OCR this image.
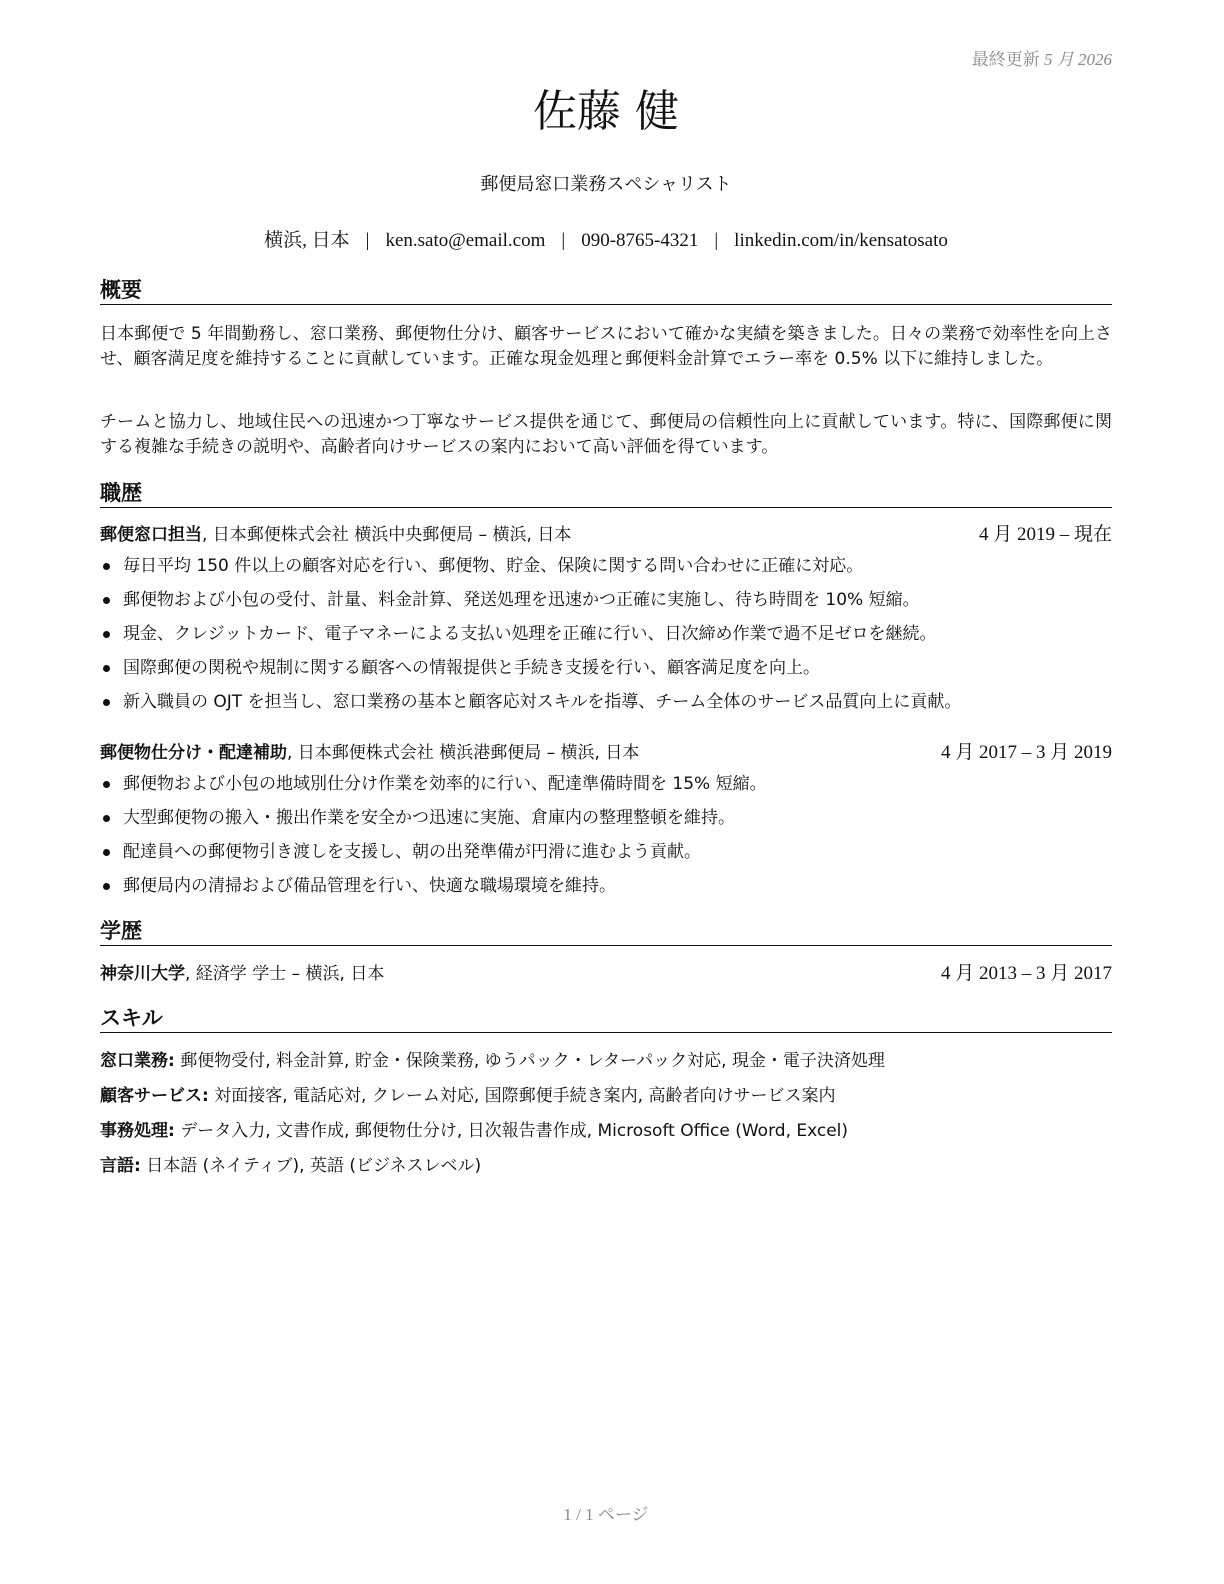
最終更新 5 月 2026
佐藤 健
郵便局窓口業務スペシャリスト
横浜, 日本 | ken.sato@email.com | 090-8765-4321 | linkedin.com/in/kensatosato
概要
日本郵便で 5 年間勤務し、窓口業務、郵便物仕分け、顧客サービスにおいて確かな実績を築きました。日々の業務で効率性を向上させ、顧客満足度を維持することに貢献しています。正確な現金処理と郵便料金計算でエラー率を 0.5% 以下に維持しました。
チームと協力し、地域住民への迅速かつ丁寧なサービス提供を通じて、郵便局の信頼性向上に貢献しています。特に、国際郵便に関する複雑な手続きの説明や、高齢者向けサービスの案内において高い評価を得ています。
職歴
郵便窓口担当, 日本郵便株式会社 横浜中央郵便局 – 横浜, 日本	4 月 2019 – 現在
毎日平均 150 件以上の顧客対応を行い、郵便物、貯金、保険に関する問い合わせに正確に対応。
郵便物および小包の受付、計量、料金計算、発送処理を迅速かつ正確に実施し、待ち時間を 10% 短縮。
現金、クレジットカード、電子マネーによる支払い処理を正確に行い、日次締め作業で過不足ゼロを継続。
国際郵便の関税や規制に関する顧客への情報提供と手続き支援を行い、顧客満足度を向上。
新入職員の OJT を担当し、窓口業務の基本と顧客応対スキルを指導、チーム全体のサービス品質向上に貢献。
郵便物仕分け・配達補助, 日本郵便株式会社 横浜港郵便局 – 横浜, 日本	4 月 2017 – 3 月 2019
郵便物および小包の地域別仕分け作業を効率的に行い、配達準備時間を 15% 短縮。
大型郵便物の搬入・搬出作業を安全かつ迅速に実施、倉庫内の整理整頓を維持。
配達員への郵便物引き渡しを支援し、朝の出発準備が円滑に進むよう貢献。
郵便局内の清掃および備品管理を行い、快適な職場環境を維持。
学歴
神奈川大学, 経済学 学士 – 横浜, 日本	4 月 2013 – 3 月 2017
スキル
窓口業務: 郵便物受付, 料金計算, 貯金・保険業務, ゆうパック・レターパック対応, 現金・電子決済処理
顧客サービス: 対面接客, 電話応対, クレーム対応, 国際郵便手続き案内, 高齢者向けサービス案内
事務処理: データ入力, 文書作成, 郵便物仕分け, 日次報告書作成, Microsoft Office (Word, Excel)
言語: 日本語 (ネイティブ), 英語 (ビジネスレベル)
1 / 1 ページ
